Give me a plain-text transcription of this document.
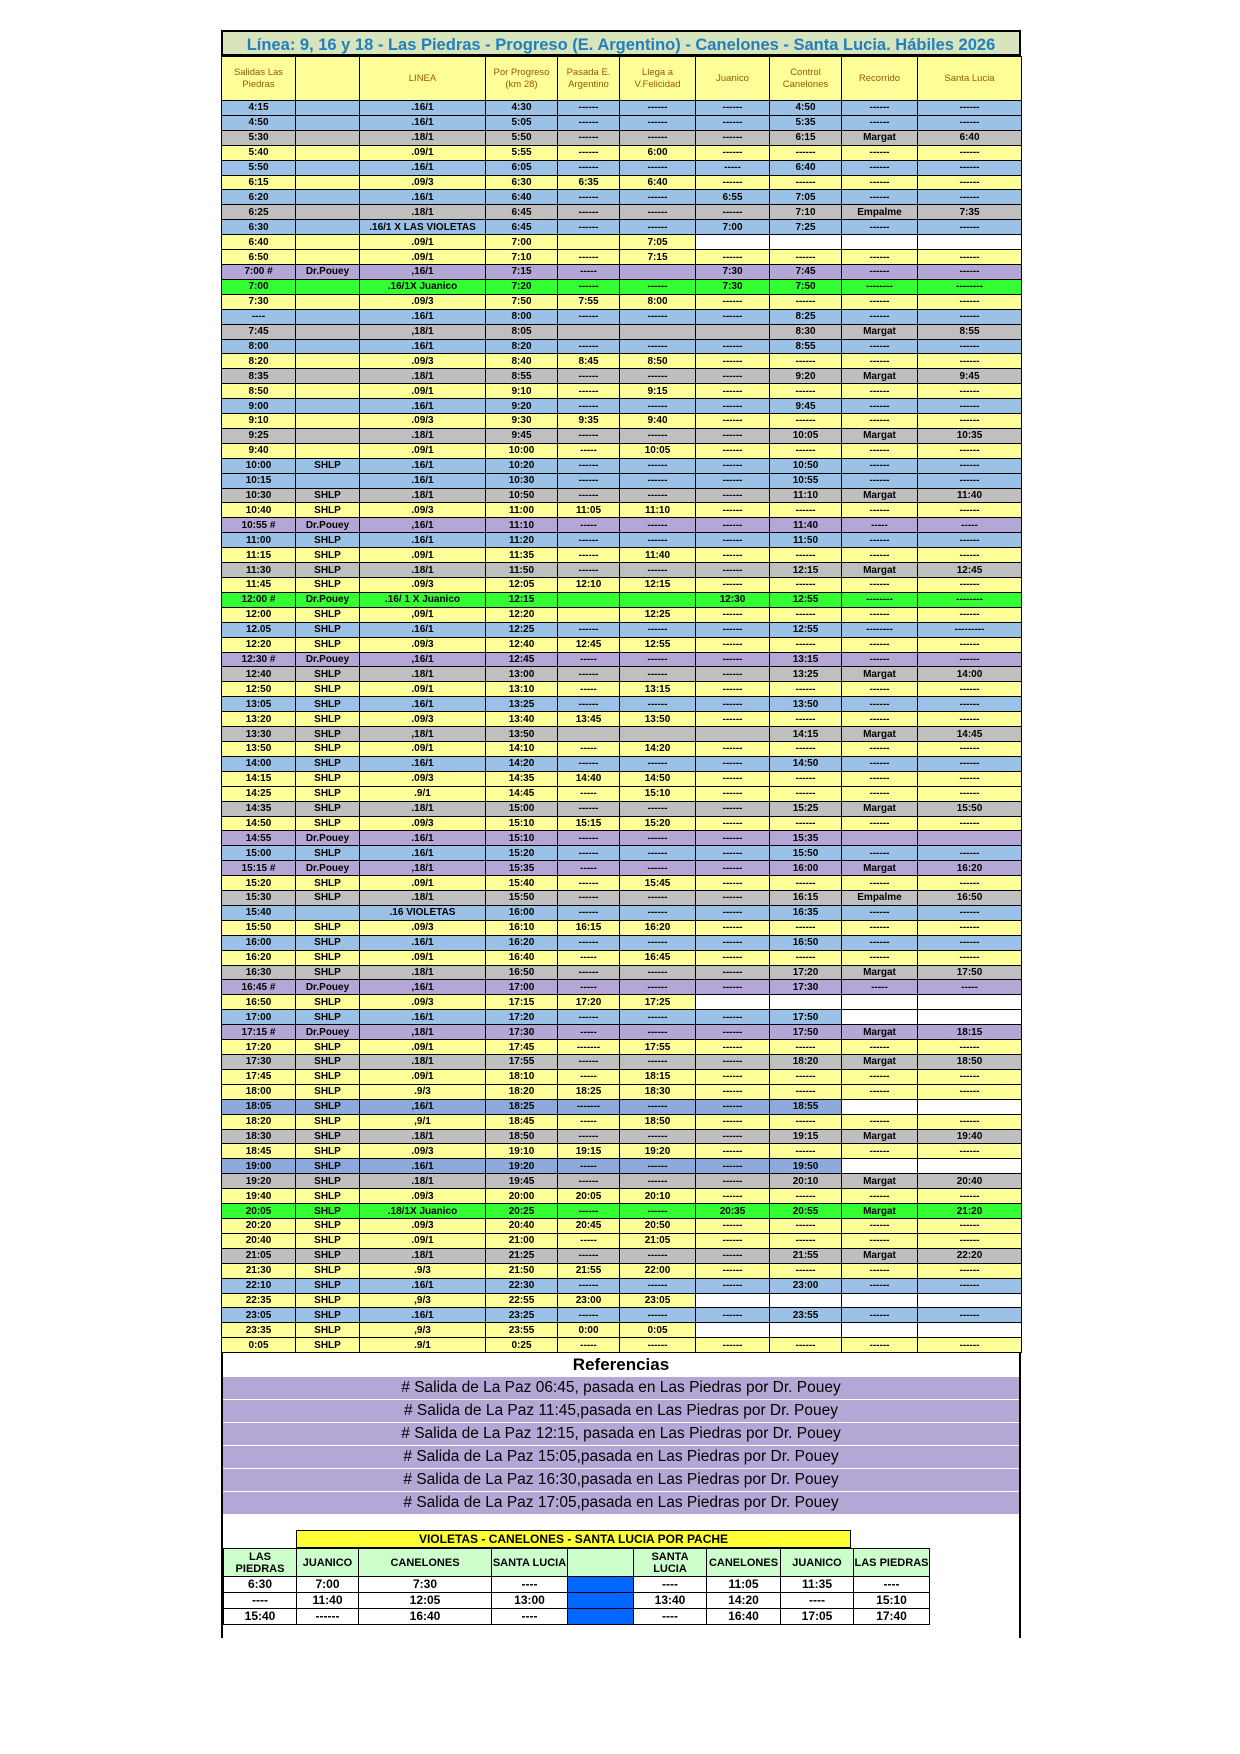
Línea: 9, 16 y 18 - Las Piedras - Progreso (E. Argentino) - Canelones - Santa Lucia. Hábiles 2026
Salidas Las Piedras		LINEA	Por Progreso (km 28)	Pasada E. Argentino	Llega a V.Felicidad	Juanico	Control Canelones	Recorrido	Santa Lucia
4:15		.16/1	4:30	------	------	------	4:50	------	------
4:50		.16/1	5:05	------	------	------	5:35	------	------
5:30		.18/1	5:50	------	------	------	6:15	Margat	6:40
5:40		.09/1	5:55	------	6:00	------	------	------	------
5:50		.16/1	6:05	------	------	-----	6:40	------	------
6:15		.09/3	6:30	6:35	6:40	------	------	------	------
6:20		.16/1	6:40	------	------	6:55	7:05	------	------
6:25		.18/1	6:45	------	------	------	7:10	Empalme	7:35
6:30		.16/1 X LAS VIOLETAS	6:45	------	------	7:00	7:25	------	------
6:40		.09/1	7:00		7:05				
6:50		.09/1	7:10	------	7:15	------	------	------	------
7:00 #	Dr.Pouey	,16/1	7:15	-----		7:30	7:45	------	------
7:00		.16/1X Juanico	7:20	------	------	7:30	7:50	--------	--------
7:30		.09/3	7:50	7:55	8:00	------	------	------	------
----		.16/1	8:00	------	------	------	8:25	------	------
7:45		,18/1	8:05				8:30	Margat	8:55
8:00		.16/1	8:20	------	------	------	8:55	------	------
8:20		.09/3	8:40	8:45	8:50	------	------	------	------
8:35		.18/1	8:55	------	------	------	9:20	Margat	9:45
8:50		.09/1	9:10	------	9:15	------	------	------	------
9:00		.16/1	9:20	------	------	------	9:45	------	------
9:10		.09/3	9:30	9:35	9:40	------	------	------	------
9:25		.18/1	9:45	------	------	------	10:05	Margat	10:35
9:40		.09/1	10:00	-----	10:05	------	------	------	------
10:00	SHLP	.16/1	10:20	------	------	------	10:50	------	------
10:15		.16/1	10:30	------	------	------	10:55	------	------
10:30	SHLP	.18/1	10:50	------	------	------	11:10	Margat	11:40
10:40	SHLP	.09/3	11:00	11:05	11:10	------	------	------	------
10:55 #	Dr.Pouey	,16/1	11:10	-----	------	------	11:40	-----	-----
11:00	SHLP	.16/1	11:20	------	------	------	11:50	------	------
11:15	SHLP	.09/1	11:35	------	11:40	------	------	------	------
11:30	SHLP	.18/1	11:50	------	------	------	12:15	Margat	12:45
11:45	SHLP	.09/3	12:05	12:10	12:15	------	------	------	------
12:00 #	Dr.Pouey	.16/ 1 X Juanico	12:15			12:30	12:55	--------	--------
12:00	SHLP	,09/1	12:20		12:25	------	------	------	------
12.05	SHLP	.16/1	12:25	------	------	------	12:55	--------	---------
12:20	SHLP	.09/3	12:40	12:45	12:55	------	------	------	------
12:30 #	Dr.Pouey	,16/1	12:45	-----	------	------	13:15	------	------
12:40	SHLP	.18/1	13:00	------	------	------	13:25	Margat	14:00
12:50	SHLP	.09/1	13:10	-----	13:15	------	------	------	------
13:05	SHLP	.16/1	13:25	------	------	------	13:50	------	------
13:20	SHLP	.09/3	13:40	13:45	13:50	------	------	------	------
13:30	SHLP	,18/1	13:50				14:15	Margat	14:45
13:50	SHLP	.09/1	14:10	-----	14:20	------	------	------	------
14:00	SHLP	.16/1	14:20	------	------	------	14:50	------	------
14:15	SHLP	.09/3	14:35	14:40	14:50	------	------	------	------
14:25	SHLP	.9/1	14:45	-----	15:10	------	------	------	------
14:35	SHLP	.18/1	15:00	------	------	------	15:25	Margat	15:50
14:50	SHLP	.09/3	15:10	15:15	15:20	------	------	------	------
14:55	Dr.Pouey	.16/1	15:10	------	------	------	15:35		
15:00	SHLP	.16/1	15:20	------	------	------	15:50	------	------
15:15 #	Dr.Pouey	,18/1	15:35	-----	------	------	16:00	Margat	16:20
15:20	SHLP	.09/1	15:40	------	15:45	------	------	------	------
15:30	SHLP	.18/1	15:50	------	------	------	16:15	Empalme	16:50
15:40		.16 VIOLETAS	16:00	------	------	------	16:35	------	------
15:50	SHLP	.09/3	16:10	16:15	16:20	------	------	------	------
16:00	SHLP	.16/1	16:20	------	------	------	16:50	------	------
16:20	SHLP	.09/1	16:40	-----	16:45	------	------	------	------
16:30	SHLP	.18/1	16:50	------	------	------	17:20	Margat	17:50
16:45 #	Dr.Pouey	,16/1	17:00	-----	------	------	17:30	-----	-----
16:50	SHLP	.09/3	17:15	17:20	17:25				
17:00	SHLP	.16/1	17:20	------	------	------	17:50		
17:15 #	Dr.Pouey	,18/1	17:30	-----	------	------	17:50	Margat	18:15
17:20	SHLP	.09/1	17:45	-------	17:55	------	------	------	------
17:30	SHLP	.18/1	17:55	------	------	------	18:20	Margat	18:50
17:45	SHLP	.09/1	18:10	-----	18:15	------	------	------	------
18:00	SHLP	.9/3	18:20	18:25	18:30	------	------	------	------
18:05	SHLP	,16/1	18:25	-------	------	------	18:55		
18:20	SHLP	,9/1	18:45	-----	18:50	------	------	------	------
18:30	SHLP	.18/1	18:50	------	------	------	19:15	Margat	19:40
18:45	SHLP	.09/3	19:10	19:15	19:20	------	------	------	------
19:00	SHLP	.16/1	19:20	-----	------	------	19:50		
19:20	SHLP	.18/1	19:45	------	------	------	20:10	Margat	20:40
19:40	SHLP	.09/3	20:00	20:05	20:10	------	------	------	------
20:05	SHLP	.18/1X Juanico	20:25	------	------	20:35	20:55	Margat	21:20
20:20	SHLP	.09/3	20:40	20:45	20:50	------	------	------	------
20:40	SHLP	.09/1	21:00	-----	21:05	------	------	------	------
21:05	SHLP	.18/1	21:25	------	------	------	21:55	Margat	22:20
21:30	SHLP	.9/3	21:50	21:55	22:00	------	------	------	------
22:10	SHLP	.16/1	22:30	------	------	------	23:00	------	------
22:35	SHLP	,9/3	22:55	23:00	23:05				
23:05	SHLP	.16/1	23:25	------	------	------	23:55	------	------
23:35	SHLP	,9/3	23:55	0:00	0:05				
0:05	SHLP	.9/1	0:25	-----	------	------	------	------	------
Referencias
# Salida de La Paz 06:45, pasada en Las Piedras por Dr. Pouey
# Salida de La Paz 11:45,pasada en Las Piedras por Dr. Pouey
# Salida de La Paz 12:15, pasada en Las Piedras por Dr. Pouey
# Salida de La Paz 15:05,pasada en Las Piedras por Dr. Pouey
# Salida de La Paz 16:30,pasada en Las Piedras por Dr. Pouey
# Salida de La Paz 17:05,pasada en Las Piedras por Dr. Pouey
VIOLETAS - CANELONES - SANTA LUCIA POR PACHE
LAS PIEDRAS	JUANICO	CANELONES	SANTA LUCIA		SANTA LUCIA	CANELONES	JUANICO	LAS PIEDRAS
6:30	7:00	7:30	----		----	11:05	11:35	----
----	11:40	12:05	13:00		13:40	14:20	----	15:10
15:40	------	16:40	----		----	16:40	17:05	17:40
